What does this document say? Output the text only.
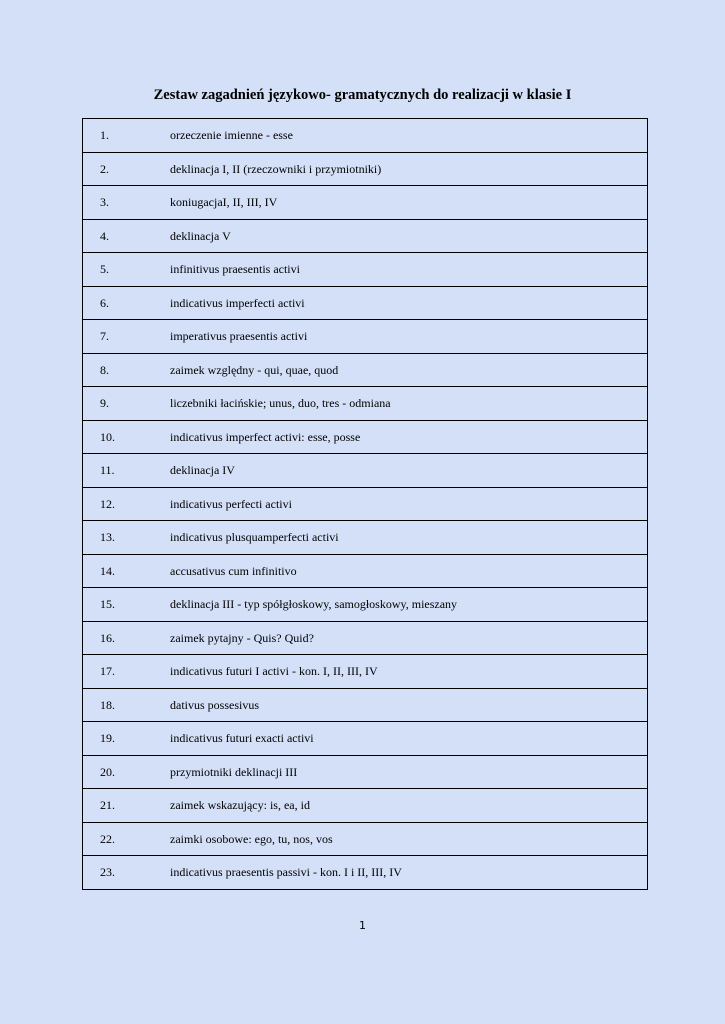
Zestaw zagadnień językowo- gramatycznych do realizacji w klasie I
1.	orzeczenie imienne - esse
2.	deklinacja I, II (rzeczowniki i przymiotniki)
3.	koniugacjaI, II, III, IV
4.	deklinacja V
5.	infinitivus praesentis activi
6.	indicativus imperfecti activi
7.	imperativus praesentis activi
8.	zaimek względny - qui, quae, quod
9.	liczebniki łacińskie; unus, duo, tres - odmiana
10.	indicativus imperfect activi: esse, posse
11.	deklinacja IV
12.	indicativus perfecti activi
13.	indicativus plusquamperfecti activi
14.	accusativus cum infinitivo
15.	deklinacja III - typ spółgłoskowy, samogłoskowy, mieszany
16.	zaimek pytajny - Quis? Quid?
17.	indicativus futuri I activi - kon. I, II, III, IV
18.	dativus possesivus
19.	indicativus futuri exacti activi
20.	przymiotniki deklinacji III
21.	zaimek wskazujący: is, ea, id
22.	zaimki osobowe: ego, tu, nos, vos
23.	indicativus praesentis passivi - kon. I i II, III, IV
1
